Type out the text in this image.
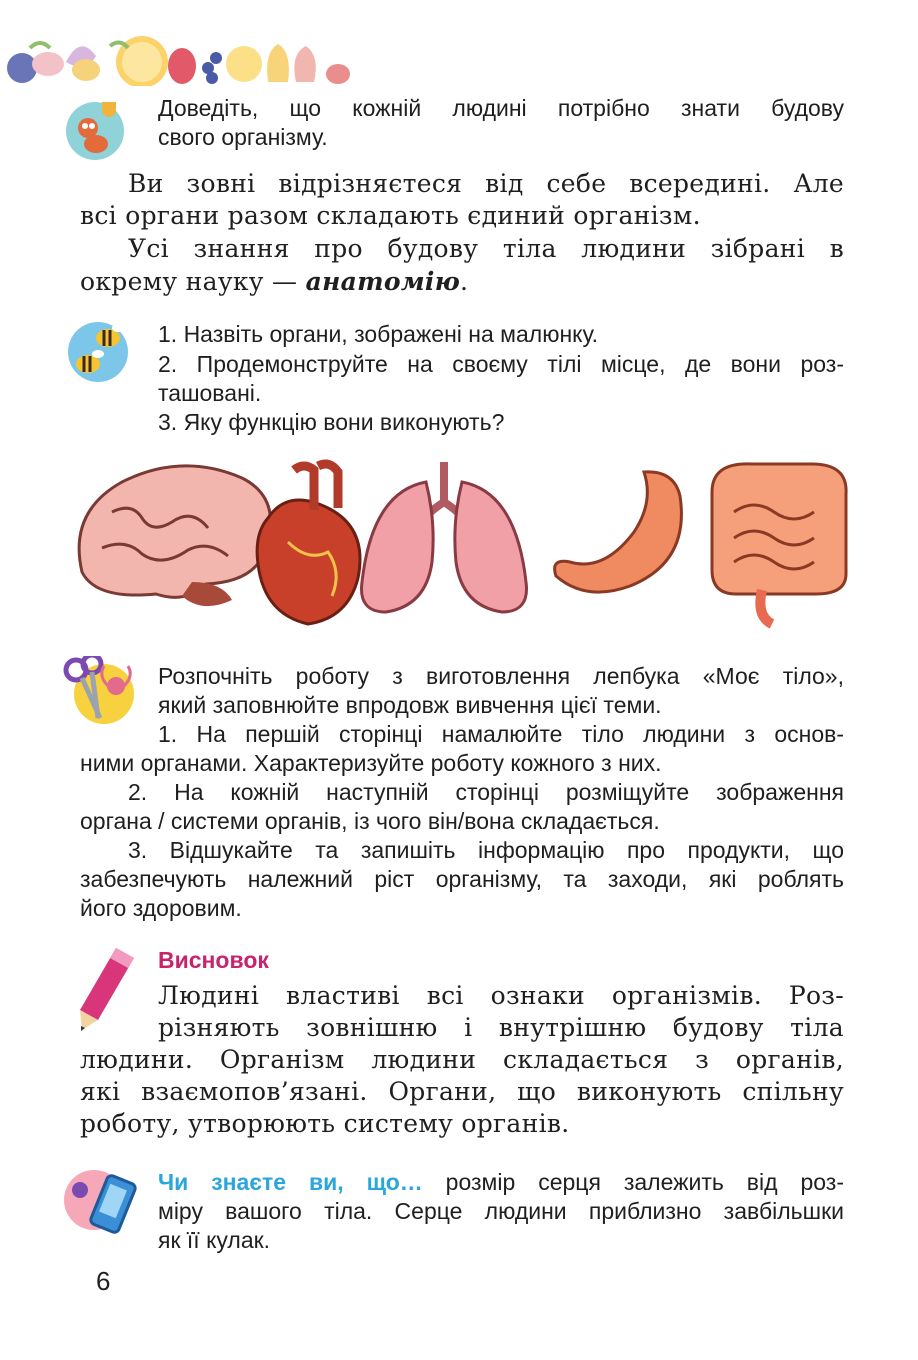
Доведіть, що кожній людині потрібно знати будову
свого організму.
Ви зовні відрізняєтеся від себе всередині. Але
всі органи разом складають єдиний організм.
Усі знання про будову тіла людини зібрані в
окрему науку — анатомію.
1. Назвіть органи, зображені на малюнку.
2. Продемонструйте на своєму тілі місце, де вони роз-
ташовані.
3. Яку функцію вони виконують?
Розпочніть роботу з виготовлення лепбука «Моє тіло»,
який заповнюйте впродовж вивчення цієї теми.
1. На першій сторінці намалюйте тіло людини з основ-
ними органами. Характеризуйте роботу кожного з них.
2. На кожній наступній сторінці розміщуйте зображення
органа / системи органів, із чого він/вона складається.
3. Відшукайте та запишіть інформацію про продукти, що
забезпечують належний ріст організму, та заходи, які роблять
його здоровим.
Висновок
Людині властиві всі ознаки організмів. Роз-
різняють зовнішню і внутрішню будову тіла
людини. Організм людини складається з органів,
які взаємопов’язані. Органи, що виконують спільну
роботу, утворюють систему органів.
Чи знаєте ви, що… розмір серця залежить від роз-
міру вашого тіла. Серце людини приблизно завбільшки
як її кулак.
6
